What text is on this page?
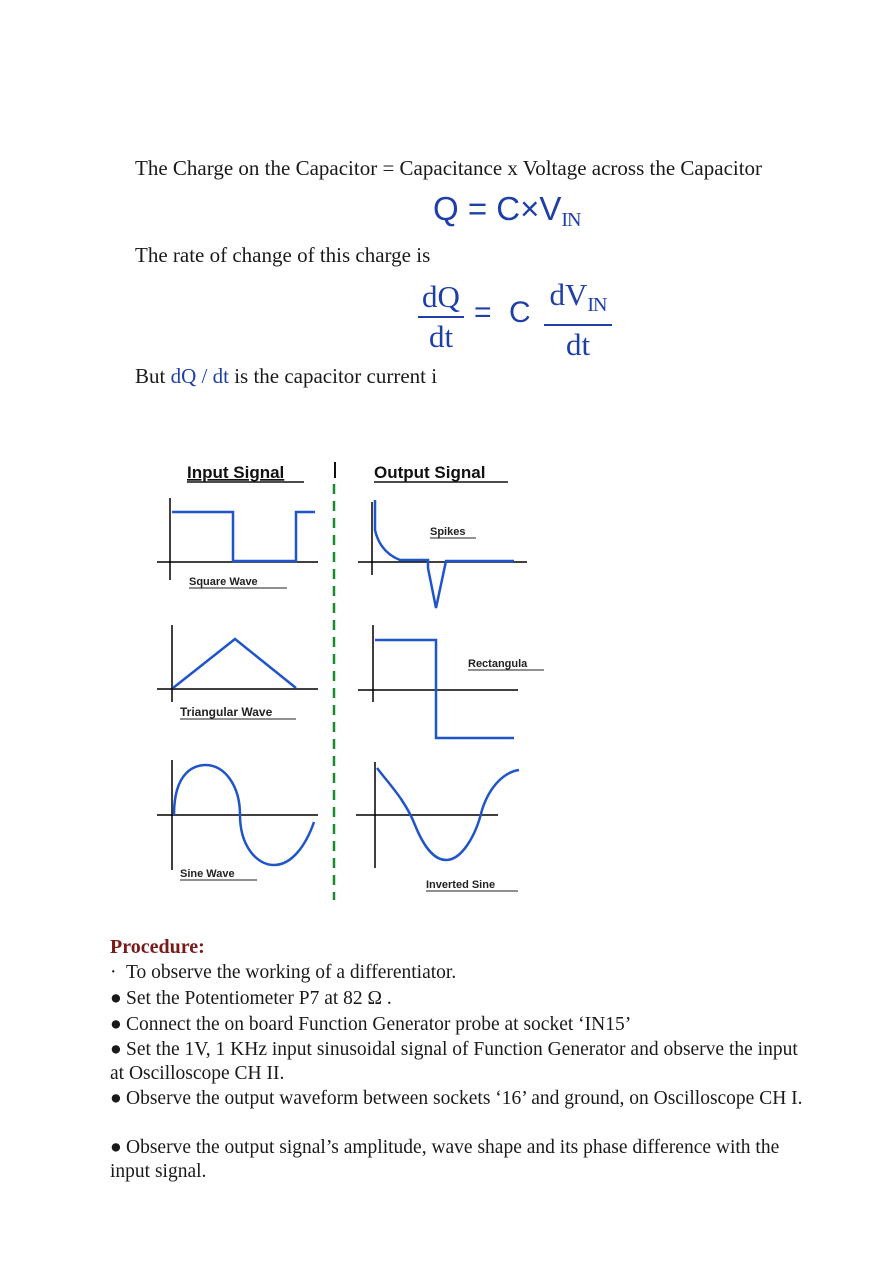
The Charge on the Capacitor = Capacitance x Voltage across the Capacitor
$Q = C\times V_{IN}$
The rate of change of this charge is
dQ
dt
= C
$dV_{IN}$
dt
But dQ / dt is the capacitor current i
Input Signal	Output Signal
Square Wave
Spikes
Triangular Wave
Rectangulа
Sine Wave
Inverted Sine
Procedure:
· To observe the working of a differentiator.
● Set the Potentiometer P7 at 82 Ω .
● Connect the on board Function Generator probe at socket ‘IN15’
● Set the 1V, 1 KHz input sinusoidal signal of Function Generator and observe the input at Oscilloscope CH II.
● Observe the output waveform between sockets ‘16’ and ground, on Oscilloscope CH I.
● Observe the output signal’s amplitude, wave shape and its phase difference with the input signal.
